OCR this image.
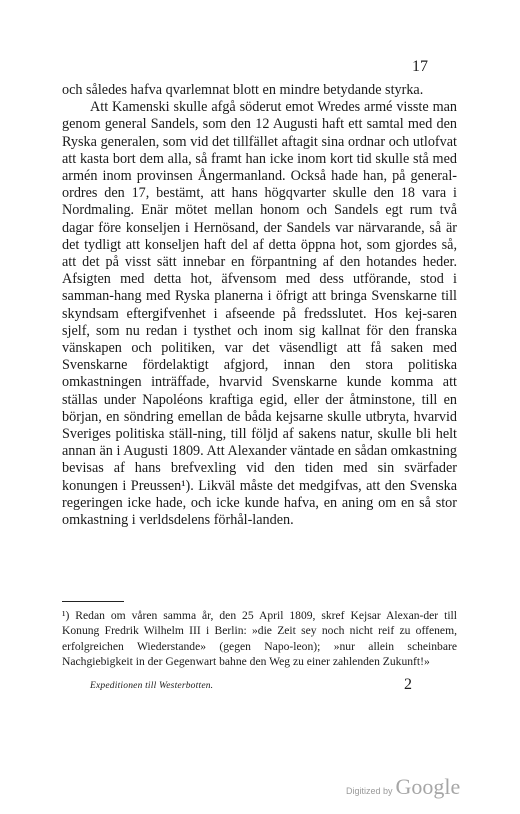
17

och således hafva qvarlemnat blott en mindre betydande styrka.

Att Kamenski skulle afgå söderut emot Wredes armé visste man genom general Sandels, som den 12 Augusti haft ett samtal med den Ryska generalen, som vid det tillfället aftagit sina ordnar och utlofvat att kasta bort dem alla, så framt han icke inom kort tid skulle stå med armén inom provinsen Ångermanland. Också hade han, på general-ordres den 17, bestämt, att hans högqvarter skulle den 18 vara i Nordmaling. Enär mötet mellan honom och Sandels egt rum två dagar före konseljen i Hernösand, der Sandels var närvarande, så är det tydligt att konseljen haft del af detta öppna hot, som gjordes så, att det på visst sätt innebar en förpantning af den hotandes heder. Afsigten med detta hot, äfvensom med dess utförande, stod i samman-hang med Ryska planerna i öfrigt att bringa Svenskarne till skyndsam eftergifvenhet i afseende på fredsslutet. Hos kej-saren sjelf, som nu redan i tysthet och inom sig kallnat för den franska vänskapen och politiken, var det väsendligt att få saken med Svenskarne fördelaktigt afgjord, innan den stora politiska omkastningen inträffade, hvarvid Svenskarne kunde komma att ställas under Napoléons kraftiga egid, eller der åtminstone, till en början, en söndring emellan de båda kejsarne skulle utbryta, hvarvid Sveriges politiska ställ-ning, till följd af sakens natur, skulle bli helt annan än i Augusti 1809. Att Alexander väntade en sådan omkastning bevisas af hans brefvexling vid den tiden med sin svärfader konungen i Preussen¹). Likväl måste det medgifvas, att den Svenska regeringen icke hade, och icke kunde hafva, en aning om en så stor omkastning i verldsdelens förhål-landen.

¹) Redan om våren samma år, den 25 April 1809, skref Kejsar Alexan-der till Konung Fredrik Wilhelm III i Berlin: »die Zeit sey noch nicht reif zu offenem, erfolgreichen Wiederstande» (gegen Napo-leon); »nur allein scheinbare Nachgiebigkeit in der Gegenwart bahne den Weg zu einer zahlenden Zukunft!»

Expeditionen till Westerbotten.	2
Digitized by Google
